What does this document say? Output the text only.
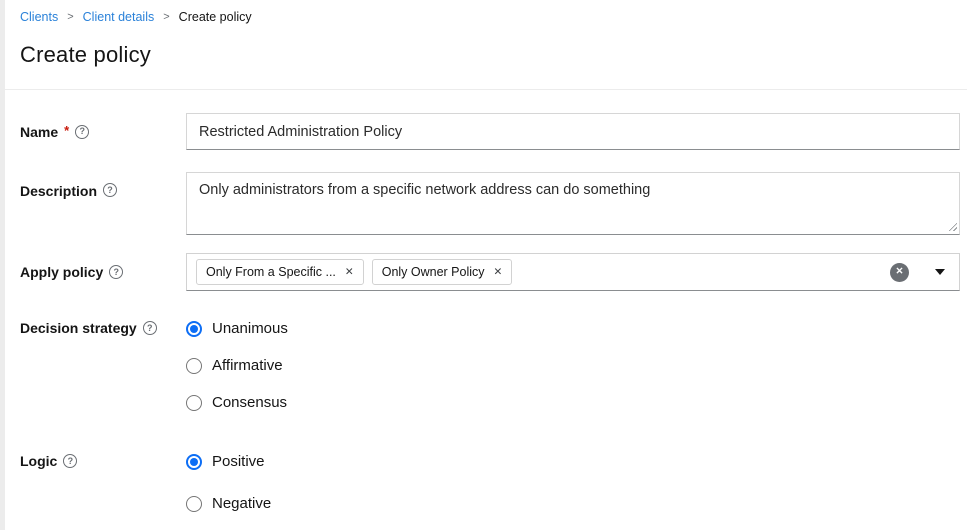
Clients > Client details > Create policy
Create policy
Name *	?
Restricted Administration Policy
Description	?
Only administrators from a specific network address can do something
Apply policy	?	Only From a Specific ... ✕ Only Owner Policy ✕	✕
Decision strategy	?	Unanimous
Affirmative
Consensus
Logic	?	Positive
Negative
